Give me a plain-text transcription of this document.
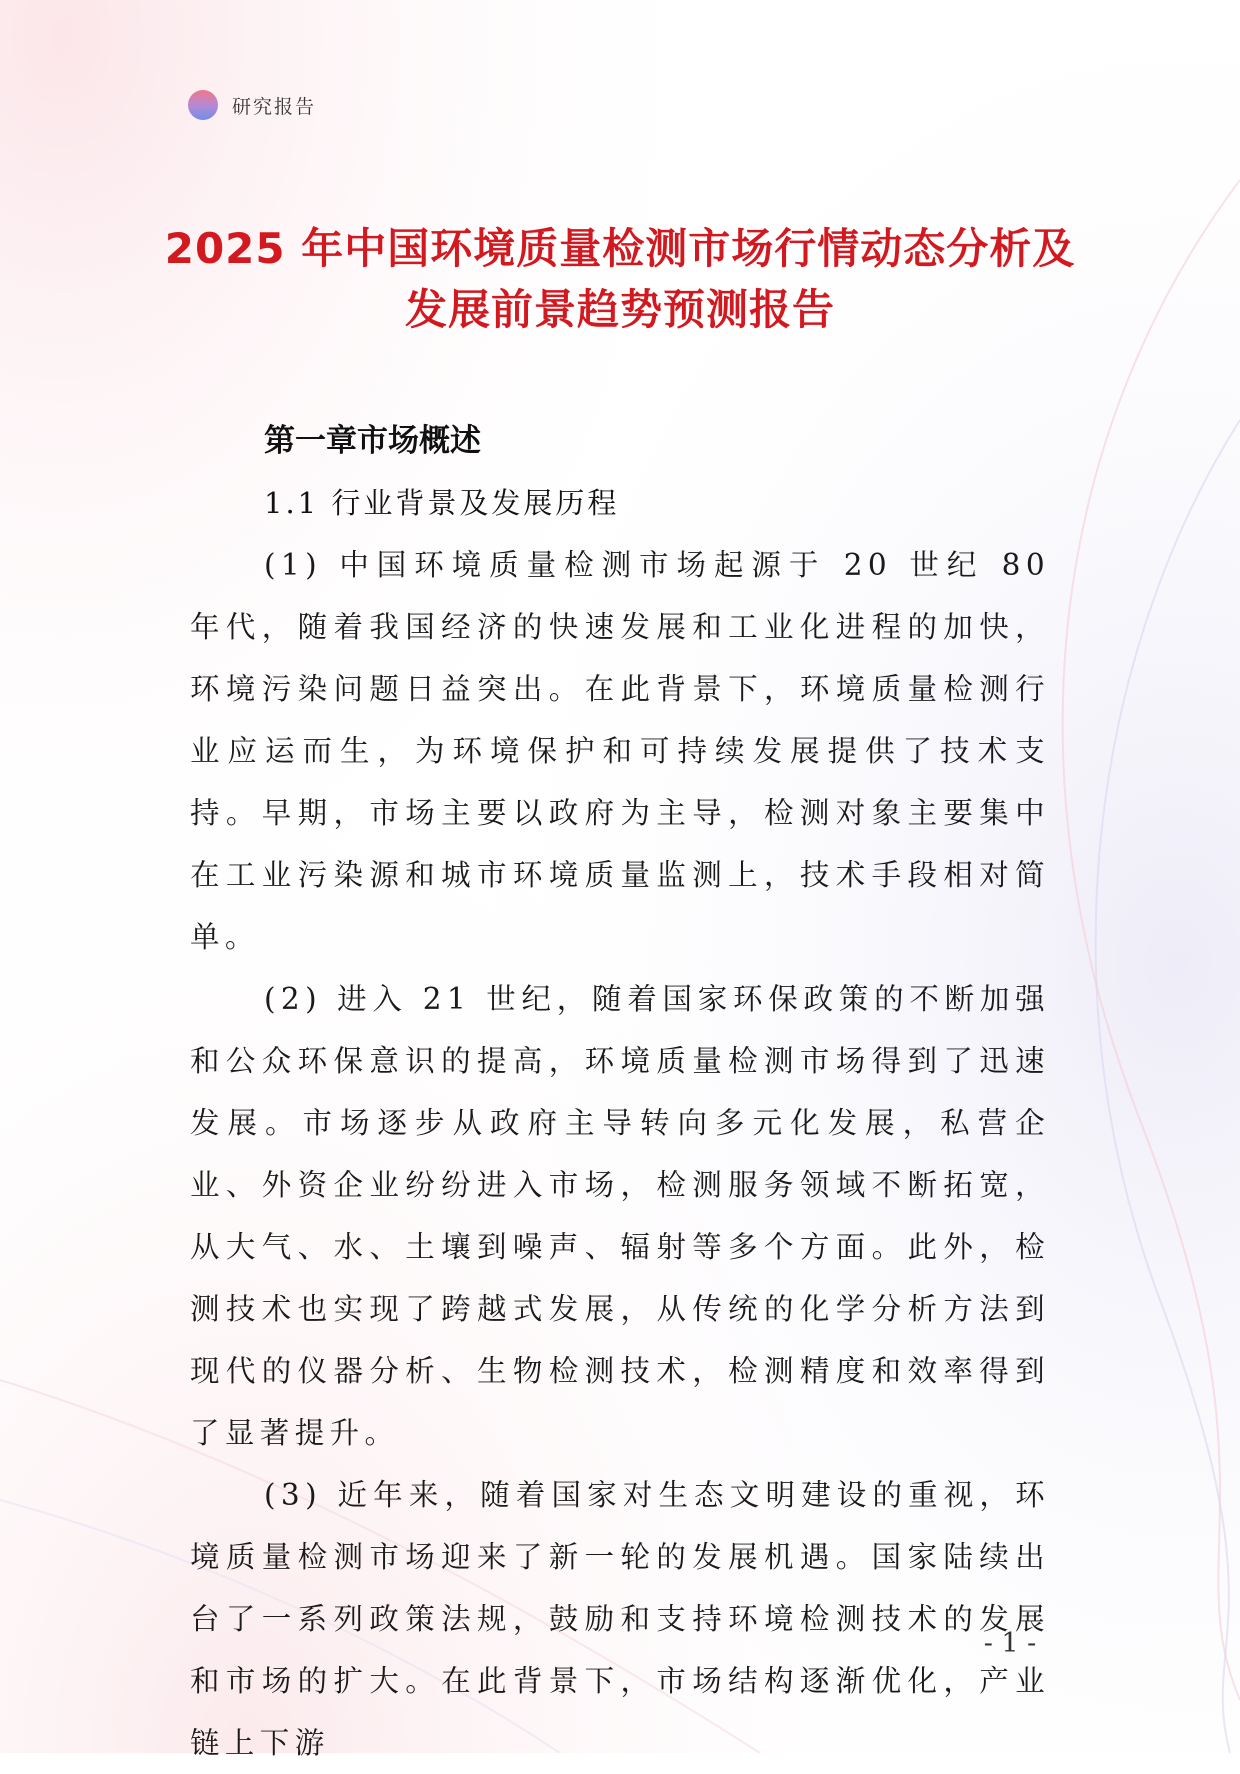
研究报告
2025 年中国环境质量检测市场行情动态分析及发展前景趋势预测报告
第一章市场概述
1.1 行业背景及发展历程

(1) 中国环境质量检测市场起源于 20 世纪 80 年代，随着我国经济的快速发展和工业化进程的加快，环境污染问题日益突出。在此背景下，环境质量检测行业应运而生，为环境保护和可持续发展提供了技术支持。早期，市场主要以政府为主导，检测对象主要集中在工业污染源和城市环境质量监测上，技术手段相对简单。

(2) 进入 21 世纪，随着国家环保政策的不断加强和公众环保意识的提高，环境质量检测市场得到了迅速发展。市场逐步从政府主导转向多元化发展，私营企业、外资企业纷纷进入市场，检测服务领域不断拓宽，从大气、水、土壤到噪声、辐射等多个方面。此外，检测技术也实现了跨越式发展，从传统的化学分析方法到现代的仪器分析、生物检测技术，检测精度和效率得到了显著提升。

(3) 近年来，随着国家对生态文明建设的重视，环境质量检测市场迎来了新一轮的发展机遇。国家陆续出台了一系列政策法规，鼓励和支持环境检测技术的发展和市场的扩大。在此背景下，市场结构逐渐优化，产业链上下游

- 1 -
